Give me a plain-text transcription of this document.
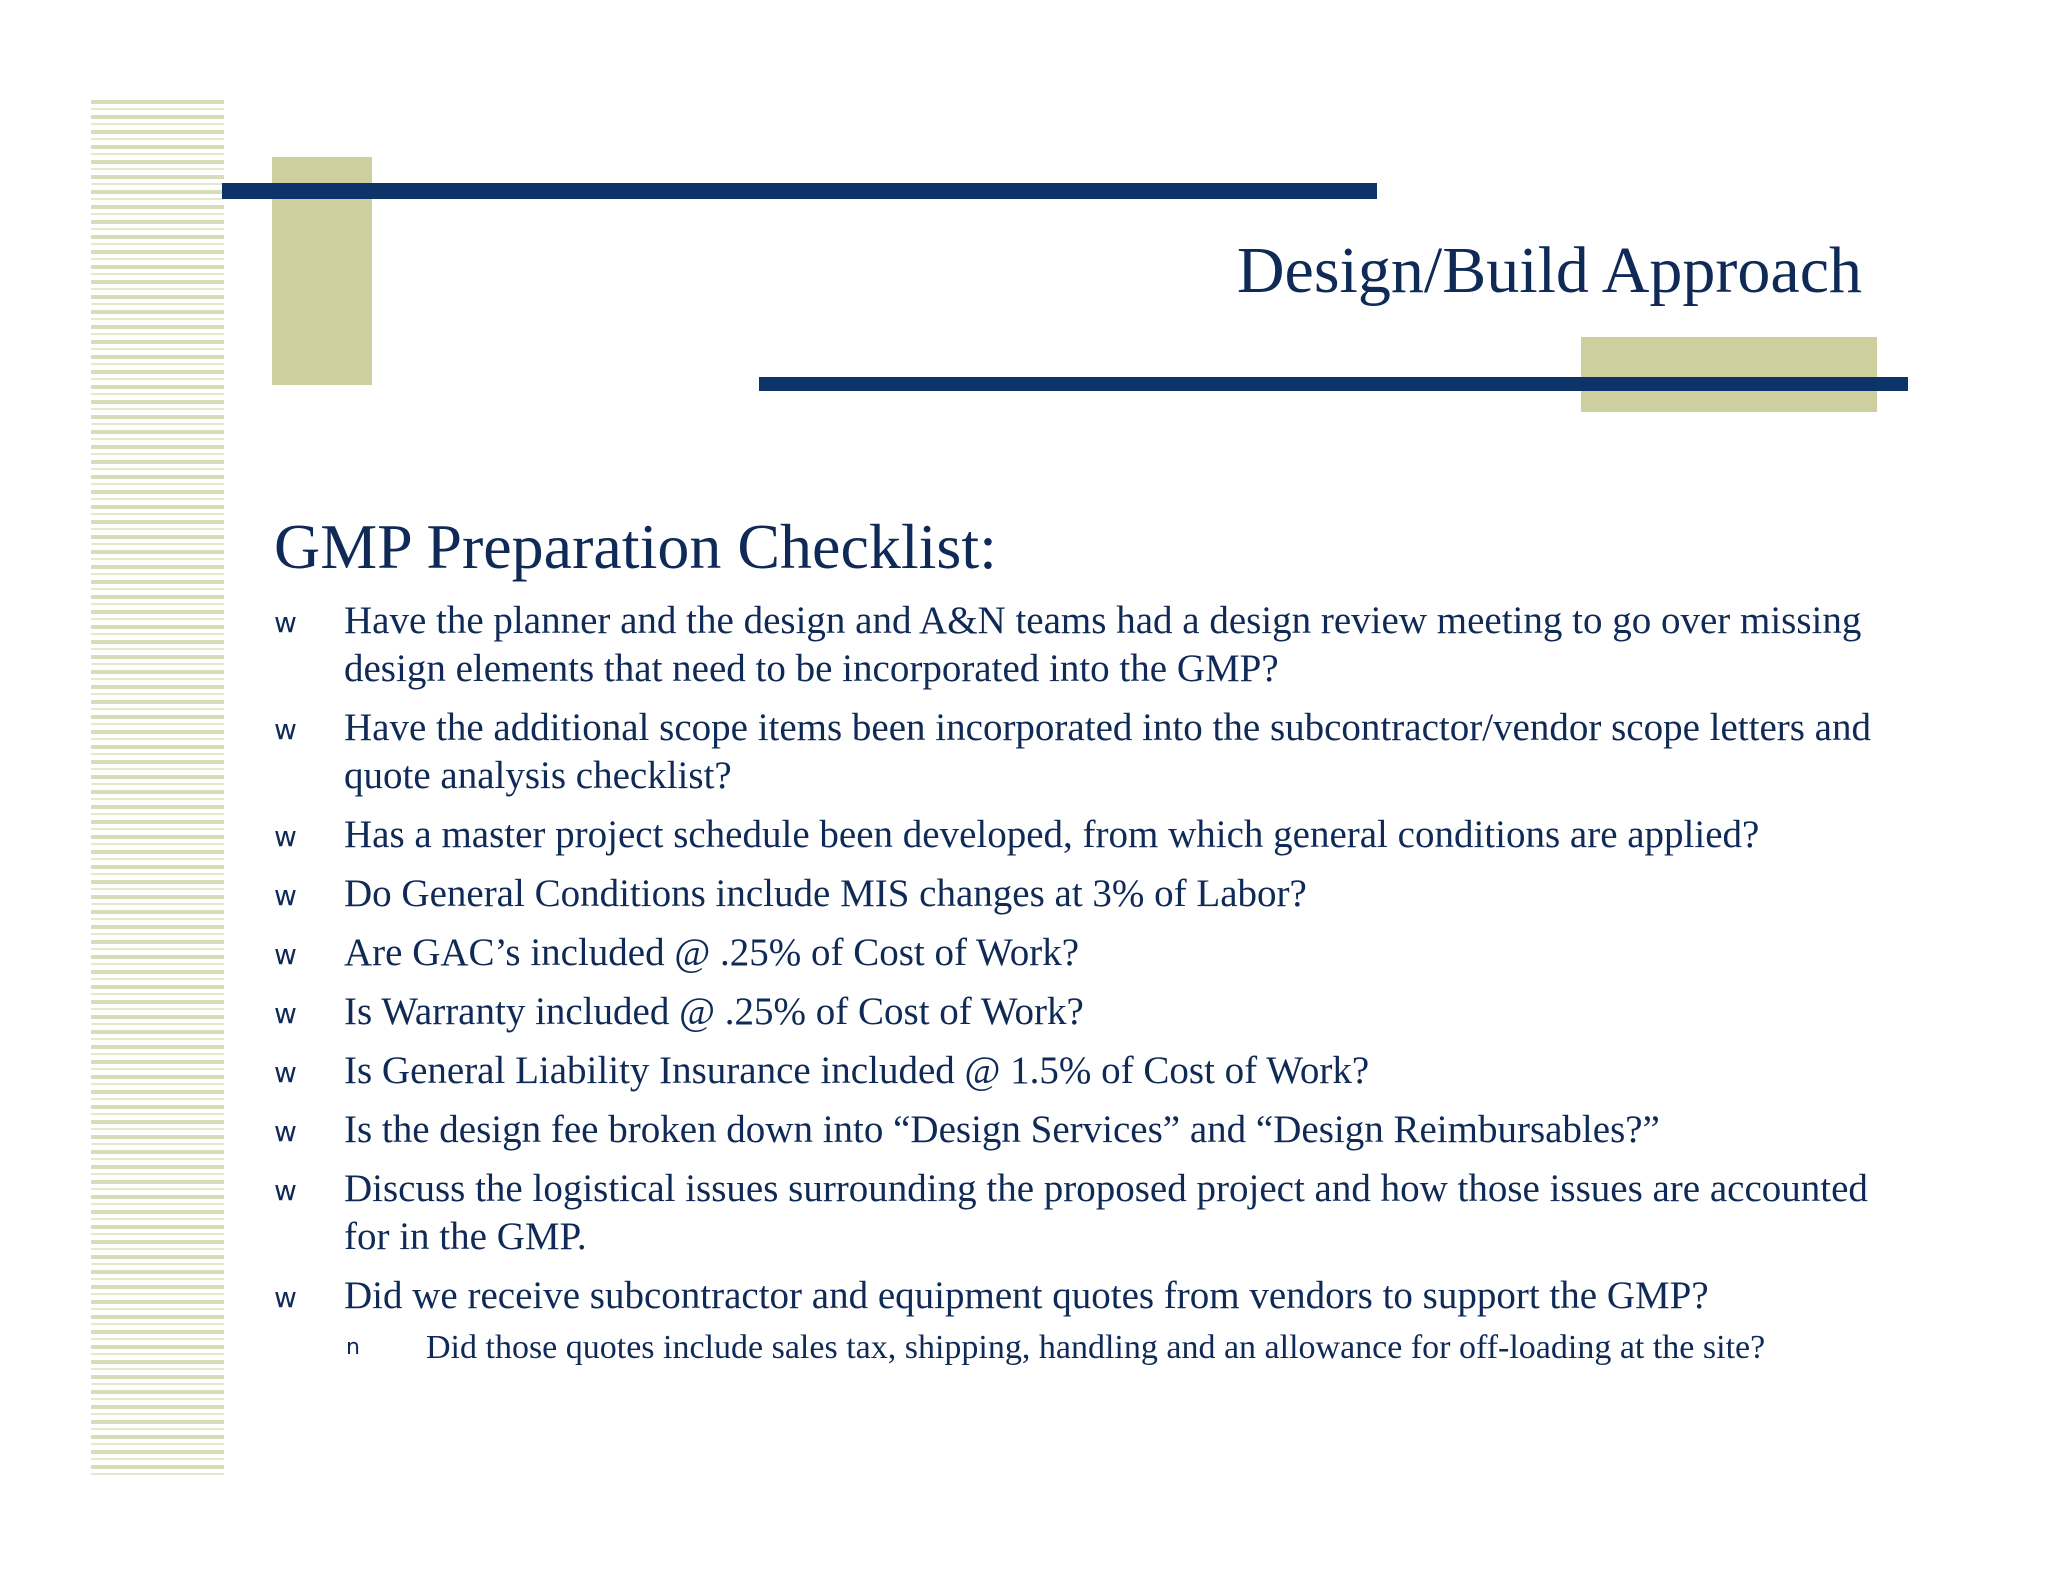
Design/Build Approach
GMP Preparation Checklist:
w Have the planner and the design and A&N teams had a design review meeting to go over missing design elements that need to be incorporated into the GMP?
w Have the additional scope items been incorporated into the subcontractor/vendor scope letters and quote analysis checklist?
w Has a master project schedule been developed, from which general conditions are applied?
w Do General Conditions include MIS changes at 3% of Labor?
w Are GAC’s included @ .25% of Cost of Work?
w Is Warranty included @ .25% of Cost of Work?
w Is General Liability Insurance included @ 1.5% of Cost of Work?
w Is the design fee broken down into “Design Services” and “Design Reimbursables?”
w Discuss the logistical issues surrounding the proposed project and how those issues are accounted for in the GMP.
w Did we receive subcontractor and equipment quotes from vendors to support the GMP?
n Did those quotes include sales tax, shipping, handling and an allowance for off-loading at the site?
